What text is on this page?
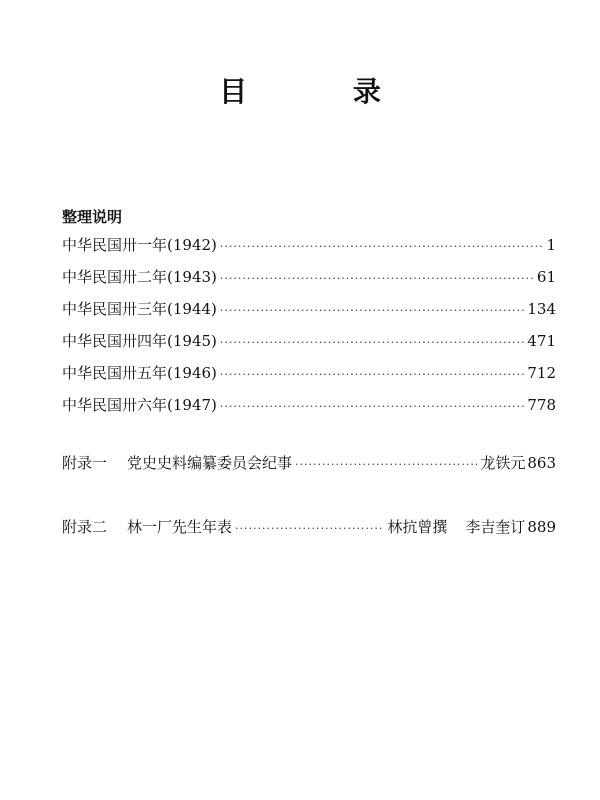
目 录
整理说明
中华民国卅一年(1942) ·····	1
中华民国卅二年(1943) ·····	61
中华民国卅三年(1944) ·····	134
中华民国卅四年(1945) ·····	471
中华民国卅五年(1946) ·····	712
中华民国卅六年(1947) ·····	778
附录一 党史史料编纂委员会纪事 ·····	龙铁元 863
附录二 林一厂先生年表 ·····	林抗曾撰 李吉奎订 889
